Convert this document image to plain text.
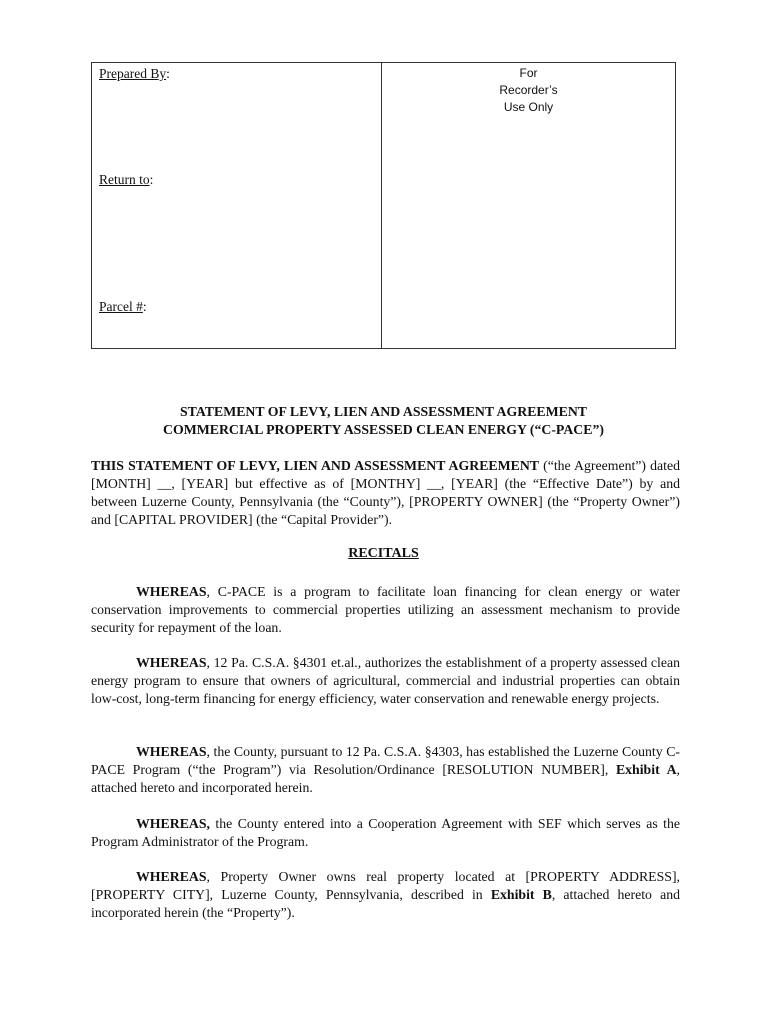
Prepared By:
Return to:
Parcel #:
For
Recorder’s
Use Only
STATEMENT OF LEVY, LIEN AND ASSESSMENT AGREEMENT
COMMERCIAL PROPERTY ASSESSED CLEAN ENERGY (“C-PACE”)
THIS STATEMENT OF LEVY, LIEN AND ASSESSMENT AGREEMENT (“the Agreement”) dated [MONTH] __, [YEAR] but effective as of [MONTHY] __, [YEAR] (the “Effective Date”) by and between Luzerne County, Pennsylvania (the “County”), [PROPERTY OWNER] (the “Property Owner”) and [CAPITAL PROVIDER] (the “Capital Provider”).
RECITALS
WHEREAS, C-PACE is a program to facilitate loan financing for clean energy or water conservation improvements to commercial properties utilizing an assessment mechanism to provide security for repayment of the loan.
WHEREAS, 12 Pa. C.S.A. §4301 et.al., authorizes the establishment of a property assessed clean energy program to ensure that owners of agricultural, commercial and industrial properties can obtain low-cost, long-term financing for energy efficiency, water conservation and renewable energy projects.
WHEREAS, the County, pursuant to 12 Pa. C.S.A. §4303, has established the Luzerne County C-PACE Program (“the Program”) via Resolution/Ordinance [RESOLUTION NUMBER], Exhibit A, attached hereto and incorporated herein.
WHEREAS, the County entered into a Cooperation Agreement with SEF which serves as the Program Administrator of the Program.
WHEREAS, Property Owner owns real property located at [PROPERTY ADDRESS], [PROPERTY CITY], Luzerne County, Pennsylvania, described in Exhibit B, attached hereto and incorporated herein (the “Property”).
